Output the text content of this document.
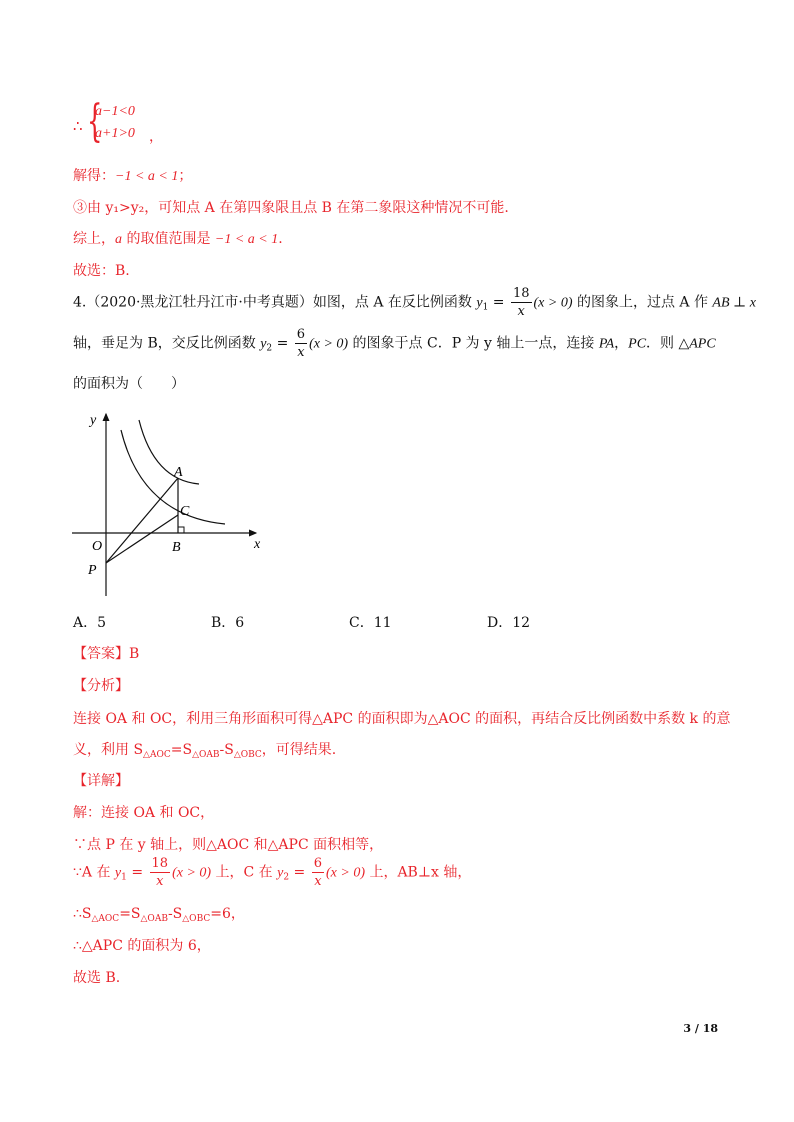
∴ {
a−1<0
a+1>0 ，
解得：−1 < a < 1；
③由 y₁>y₂，可知点 A 在第四象限且点 B 在第二象限这种情况不可能.
综上，a 的取值范围是 −1 < a < 1.
故选：B.
4.（2020·黑龙江牡丹江市·中考真题）如图，点 A 在反比例函数 $y_1 = \frac{18}{x} (x > 0)$ 的图象上，过点 A 作 AB ⊥ x
轴，垂足为 B，交反比例函数 $y_2 = \frac{6}{x} (x > 0)$ 的图象于点 C．P 为 y 轴上一点，连接 PA，PC．则 △APC
的面积为（　　）
y
x
O
A
C
B
P
A．5	B．6	C．11	D．12
【答案】B
【分析】
连接 OA 和 OC，利用三角形面积可得△APC 的面积即为△AOC 的面积，再结合反比例函数中系数 k 的意
义，利用 $S_{\triangle AOC}=S_{\triangle OAB}-S_{\triangle OBC}$，可得结果.
【详解】
解：连接 OA 和 OC，
∵点 P 在 y 轴上，则△AOC 和△APC 面积相等，
∵A 在 $y_1 = \frac{18}{x} (x > 0)$ 上，C 在 $y_2 = \frac{6}{x} (x > 0)$ 上，AB⊥x 轴，
$\therefore S_{\triangle AOC}=S_{\triangle OAB}-S_{\triangle OBC}=6$，
∴△APC 的面积为 6，
故选 B.
3 / 18
